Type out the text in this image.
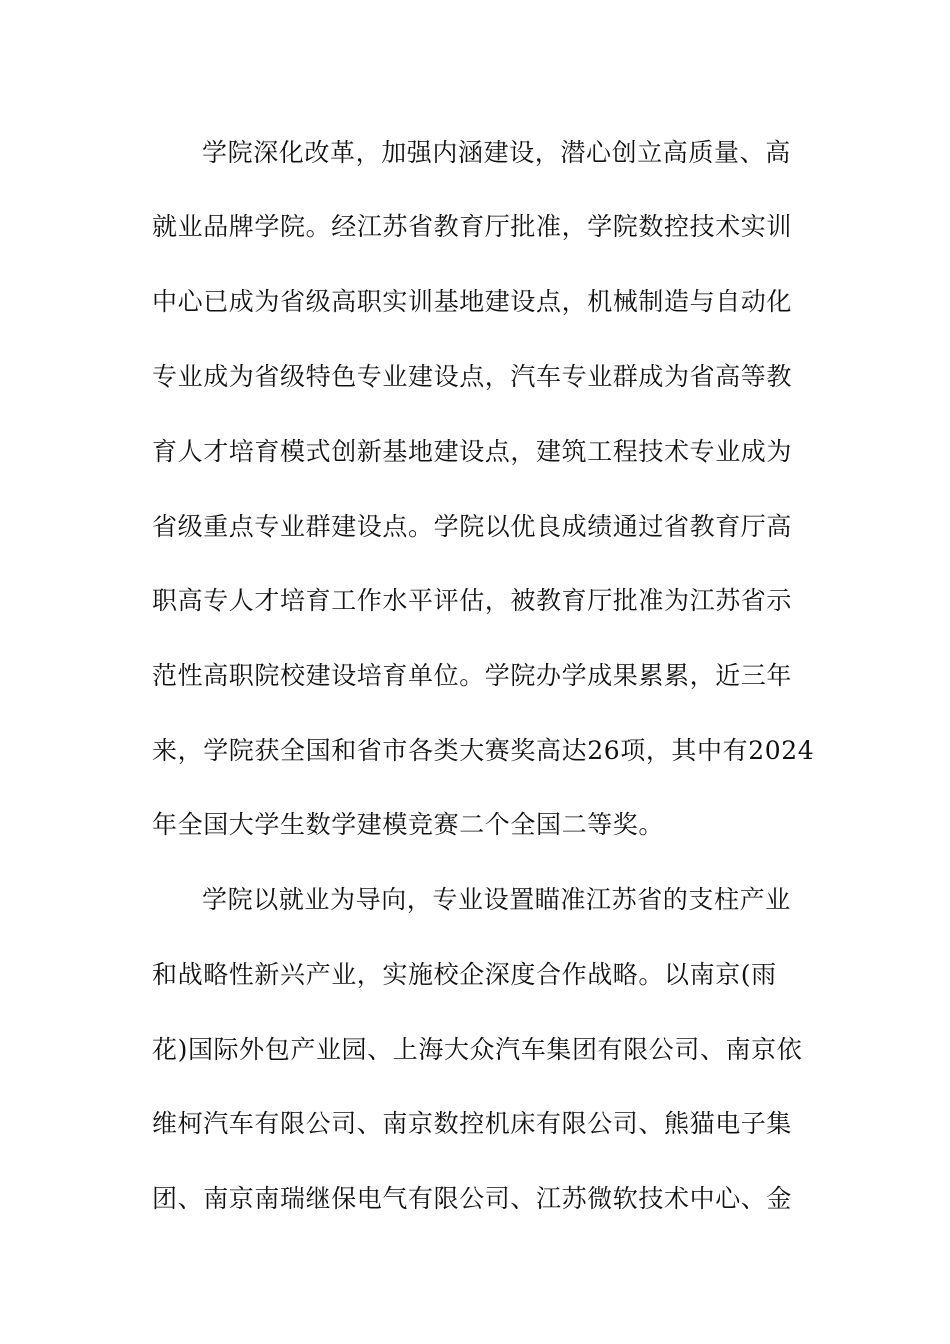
学院深化改革，加强内涵建设，潜心创立高质量、高
就业品牌学院。经江苏省教育厅批准，学院数控技术实训
中心已成为省级高职实训基地建设点，机械制造与自动化
专业成为省级特色专业建设点，汽车专业群成为省高等教
育人才培育模式创新基地建设点，建筑工程技术专业成为
省级重点专业群建设点。学院以优良成绩通过省教育厅高
职高专人才培育工作水平评估，被教育厅批准为江苏省示
范性高职院校建设培育单位。学院办学成果累累，近三年
来，学院获全国和省市各类大赛奖高达26项，其中有2024
年全国大学生数学建模竞赛二个全国二等奖。
学院以就业为导向，专业设置瞄准江苏省的支柱产业
和战略性新兴产业，实施校企深度合作战略。以南京(雨
花)国际外包产业园、上海大众汽车集团有限公司、南京依
维柯汽车有限公司、南京数控机床有限公司、熊猫电子集
团、南京南瑞继保电气有限公司、江苏微软技术中心、金
